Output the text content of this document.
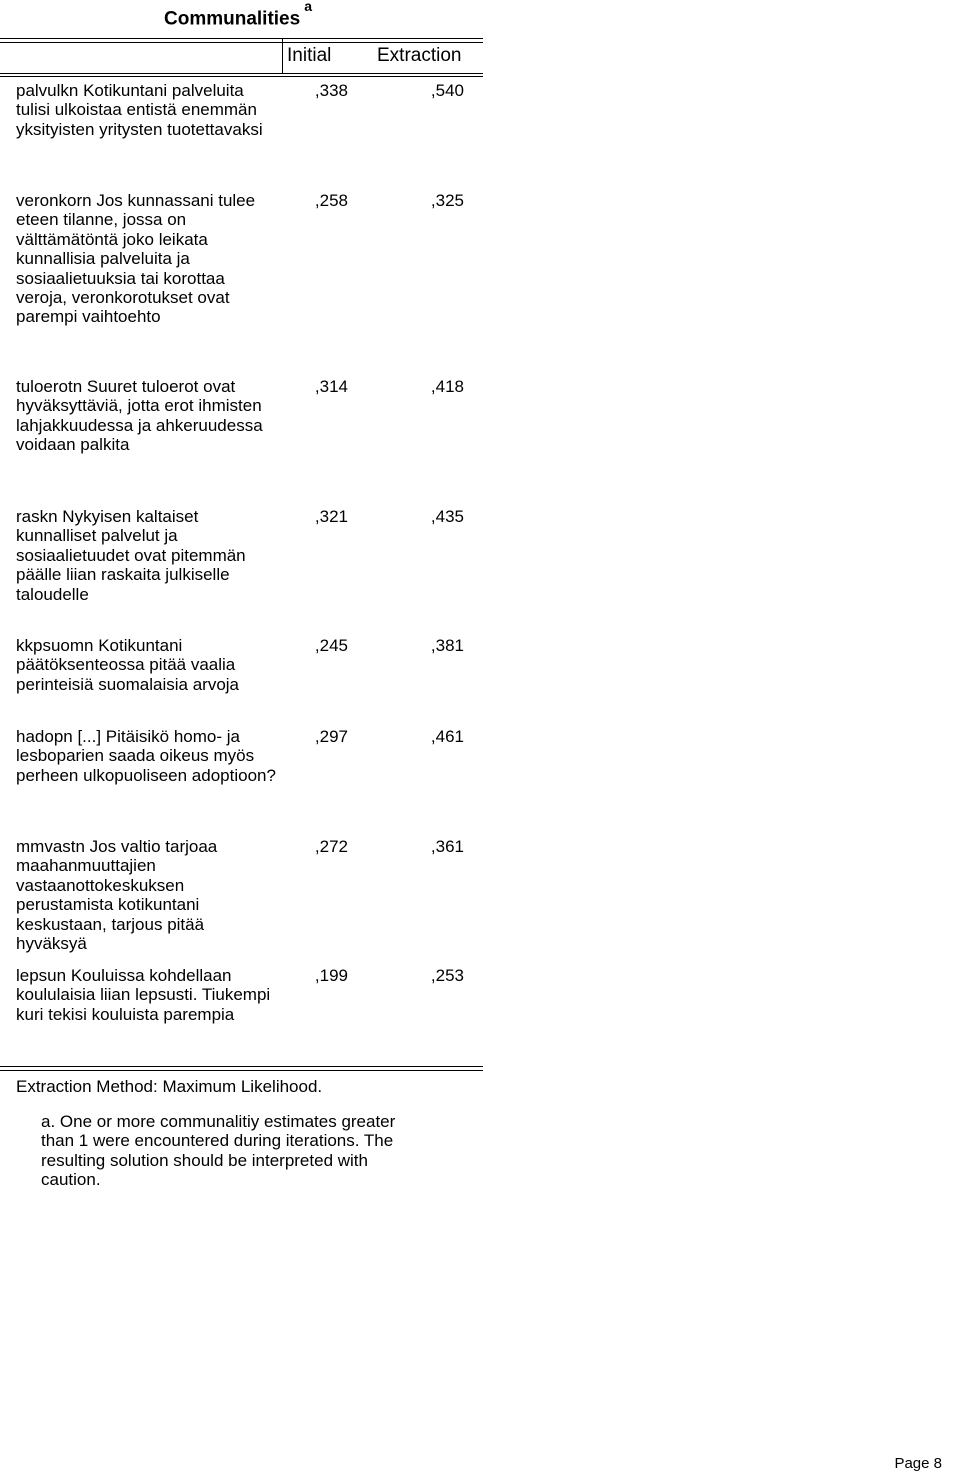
Communalities$^a$
Initial Extraction
palvulkn Kotikuntani palveluita tulisi ulkoistaa entistä enemmän yksityisten yritysten tuotettavaksi
,338	,540
veronkorn Jos kunnassani tulee eteen tilanne, jossa on välttämätöntä joko leikata kunnallisia palveluita ja sosiaalietuuksia tai korottaa veroja, veronkorotukset ovat parempi vaihtoehto
,258	,325
tuloerotn Suuret tuloerot ovat hyväksyttäviä, jotta erot ihmisten lahjakkuudessa ja ahkeruudessa voidaan palkita
,314	,418
raskn Nykyisen kaltaiset kunnalliset palvelut ja sosiaalietuudet ovat pitemmän päälle liian raskaita julkiselle taloudelle
,321	,435
kkpsuomn Kotikuntani päätöksenteossa pitää vaalia perinteisiä suomalaisia arvoja
,245	,381
hadopn [...] Pitäisikö homo- ja lesboparien saada oikeus myös perheen ulkopuoliseen adoptioon?
,297	,461
mmvastn Jos valtio tarjoaa maahanmuuttajien vastaanottokeskuksen perustamista kotikuntani keskustaan, tarjous pitää hyväksyä
,272	,361
lepsun Kouluissa kohdellaan koululaisia liian lepsusti. Tiukempi kuri tekisi kouluista parempia
,199	,253
Extraction Method: Maximum Likelihood.
a. One or more communalitiy estimates greater than 1 were encountered during iterations. The resulting solution should be interpreted with caution.
Page 8
